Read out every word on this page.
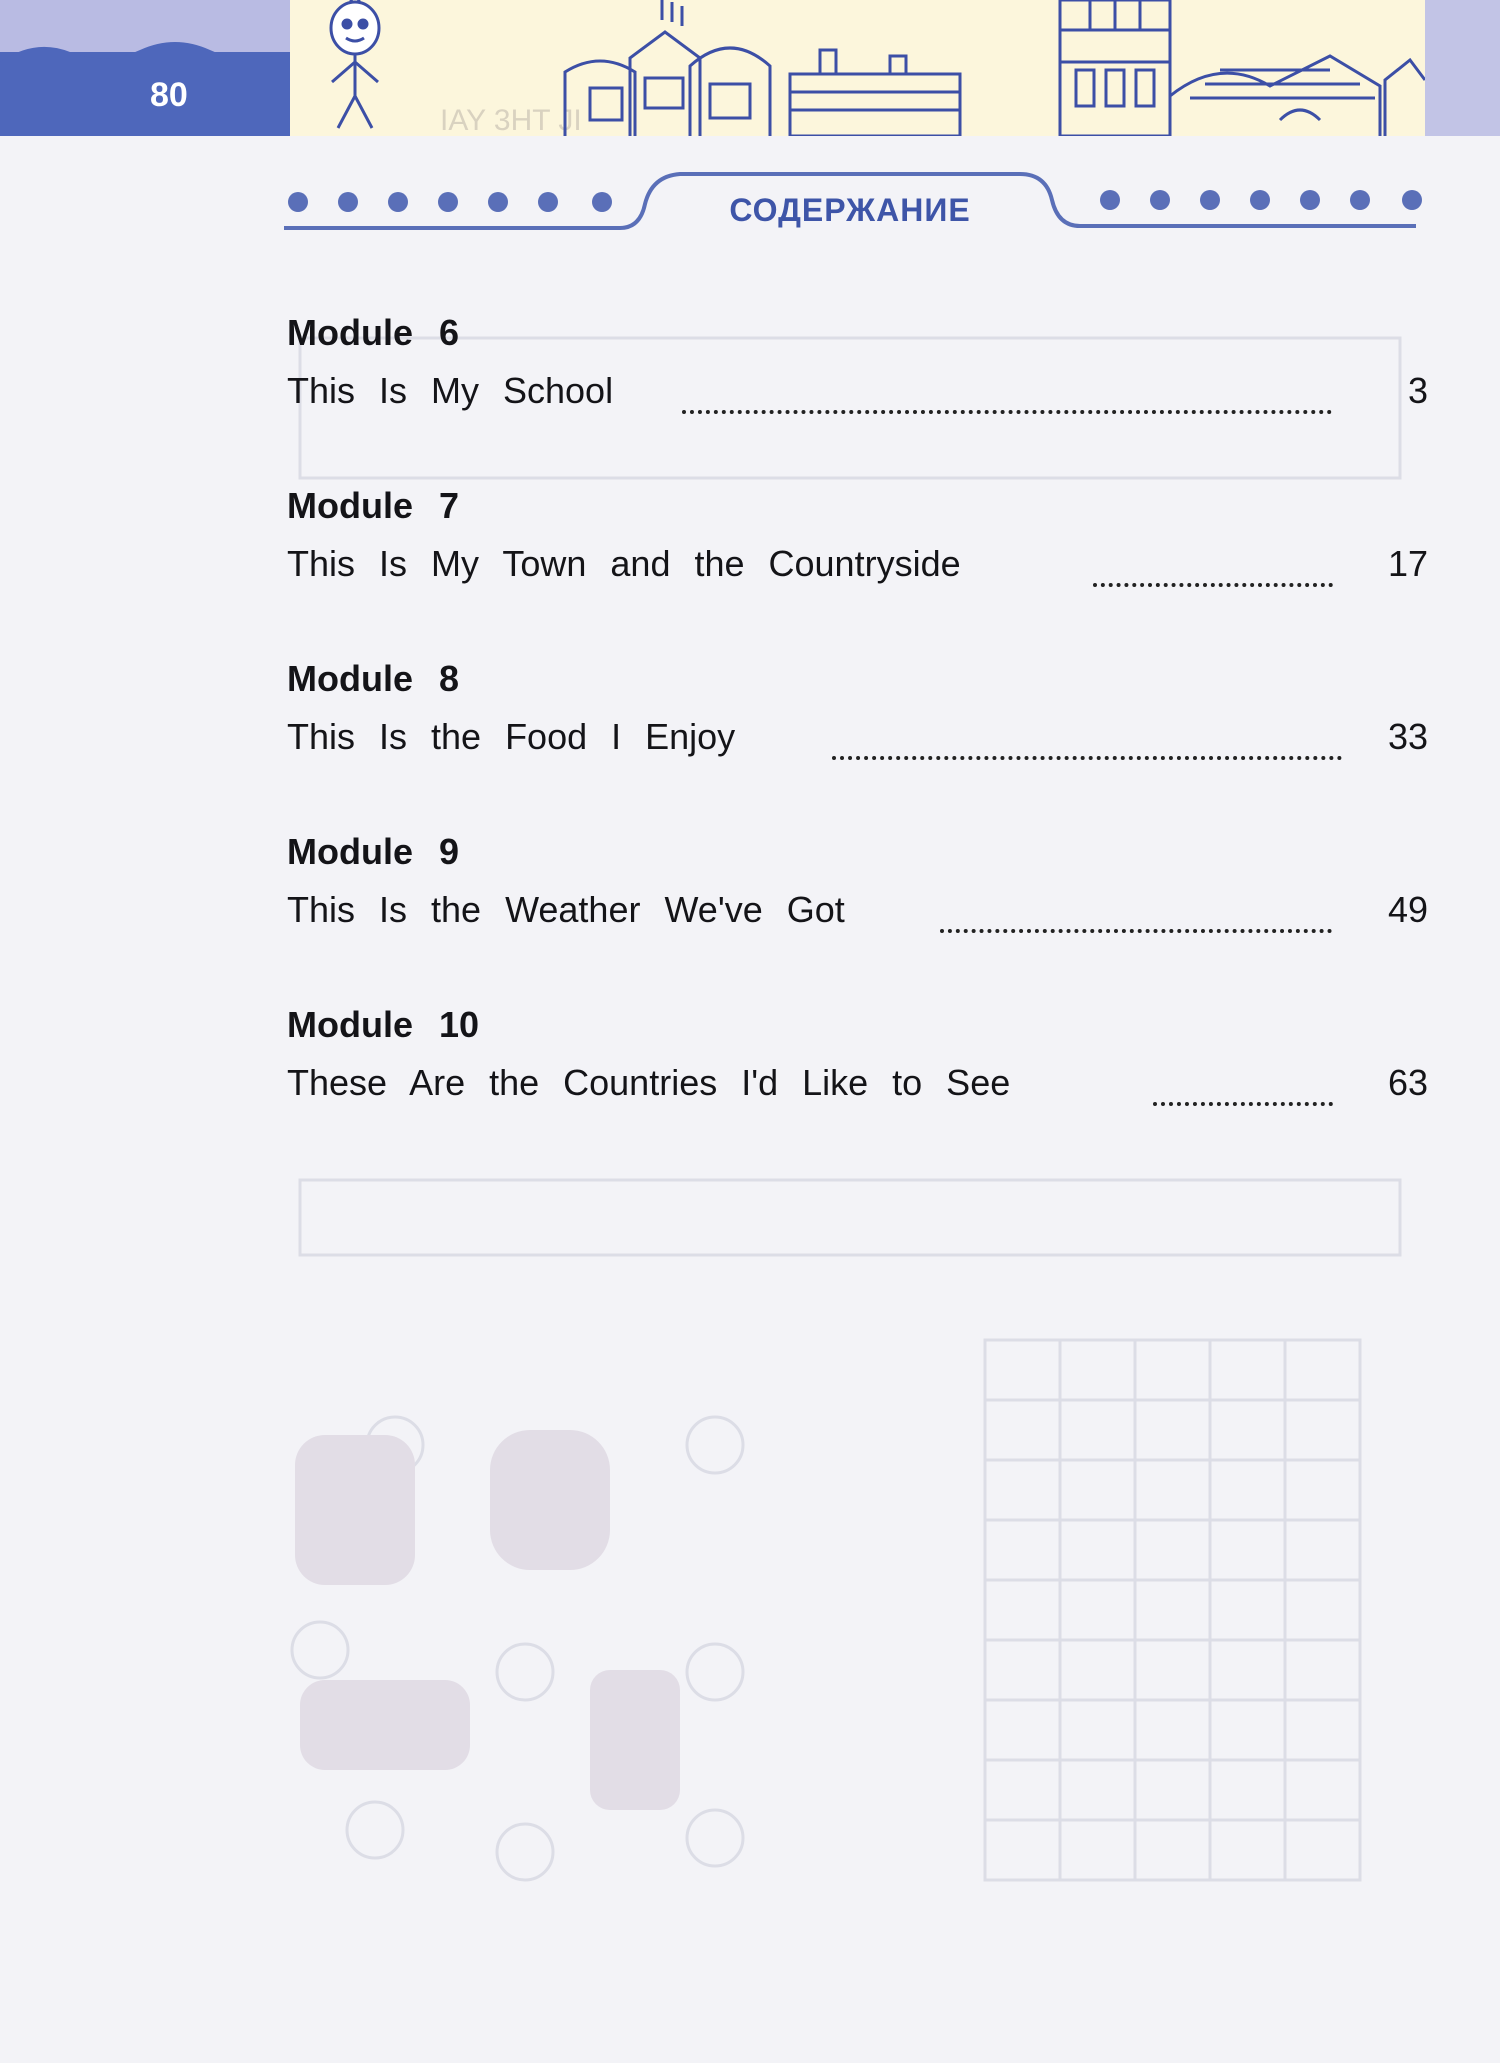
80
IAY 3HT JI
СОДЕРЖАНИЕ
Module 6
This Is My School	3
Module 7
This Is My Town and the Countryside	17
Module 8
This Is the Food I Enjoy	33
Module 9
This Is the Weather We've Got	49
Module 10
These Are the Countries I'd Like to See	63
